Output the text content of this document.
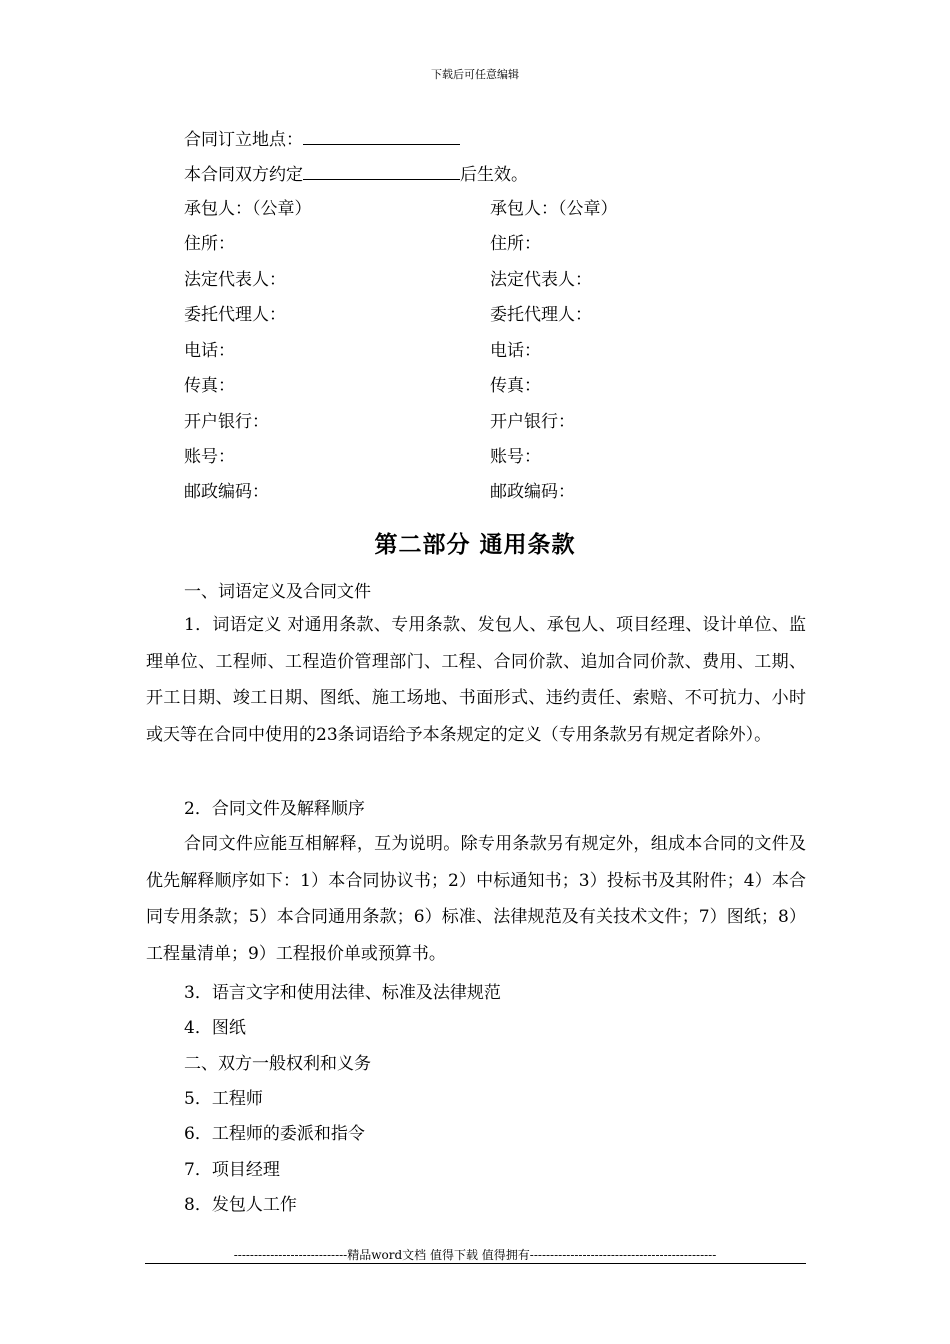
下载后可任意编辑
合同订立地点：
本合同双方约定	后生效。
承包人：（公章）
住所：
法定代表人：
委托代理人：
电话：
传真：
开户银行：
账号：
邮政编码：
承包人：（公章）
住所：
法定代表人：
委托代理人：
电话：
传真：
开户银行：
账号：
邮政编码：
第二部分 通用条款
一、词语定义及合同文件
1．词语定义 对通用条款、专用条款、发包人、承包人、项目经理、设计单位、监理单位、工程师、工程造价管理部门、工程、合同价款、追加合同价款、费用、工期、开工日期、竣工日期、图纸、施工场地、书面形式、违约责任、索赔、不可抗力、小时或天等在合同中使用的23条词语给予本条规定的定义（专用条款另有规定者除外）。
2．合同文件及解释顺序
合同文件应能互相解释，互为说明。除专用条款另有规定外，组成本合同的文件及优先解释顺序如下：1）本合同协议书；2）中标通知书；3）投标书及其附件；4）本合同专用条款；5）本合同通用条款；6）标准、法律规范及有关技术文件；7）图纸；8）工程量清单；9）工程报价单或预算书。
3．语言文字和使用法律、标准及法律规范
4．图纸
二、双方一般权利和义务
5．工程师
6．工程师的委派和指令
7．项目经理
8．发包人工作
----------------------------精品word文档 值得下载 值得拥有----------------------------------------------
